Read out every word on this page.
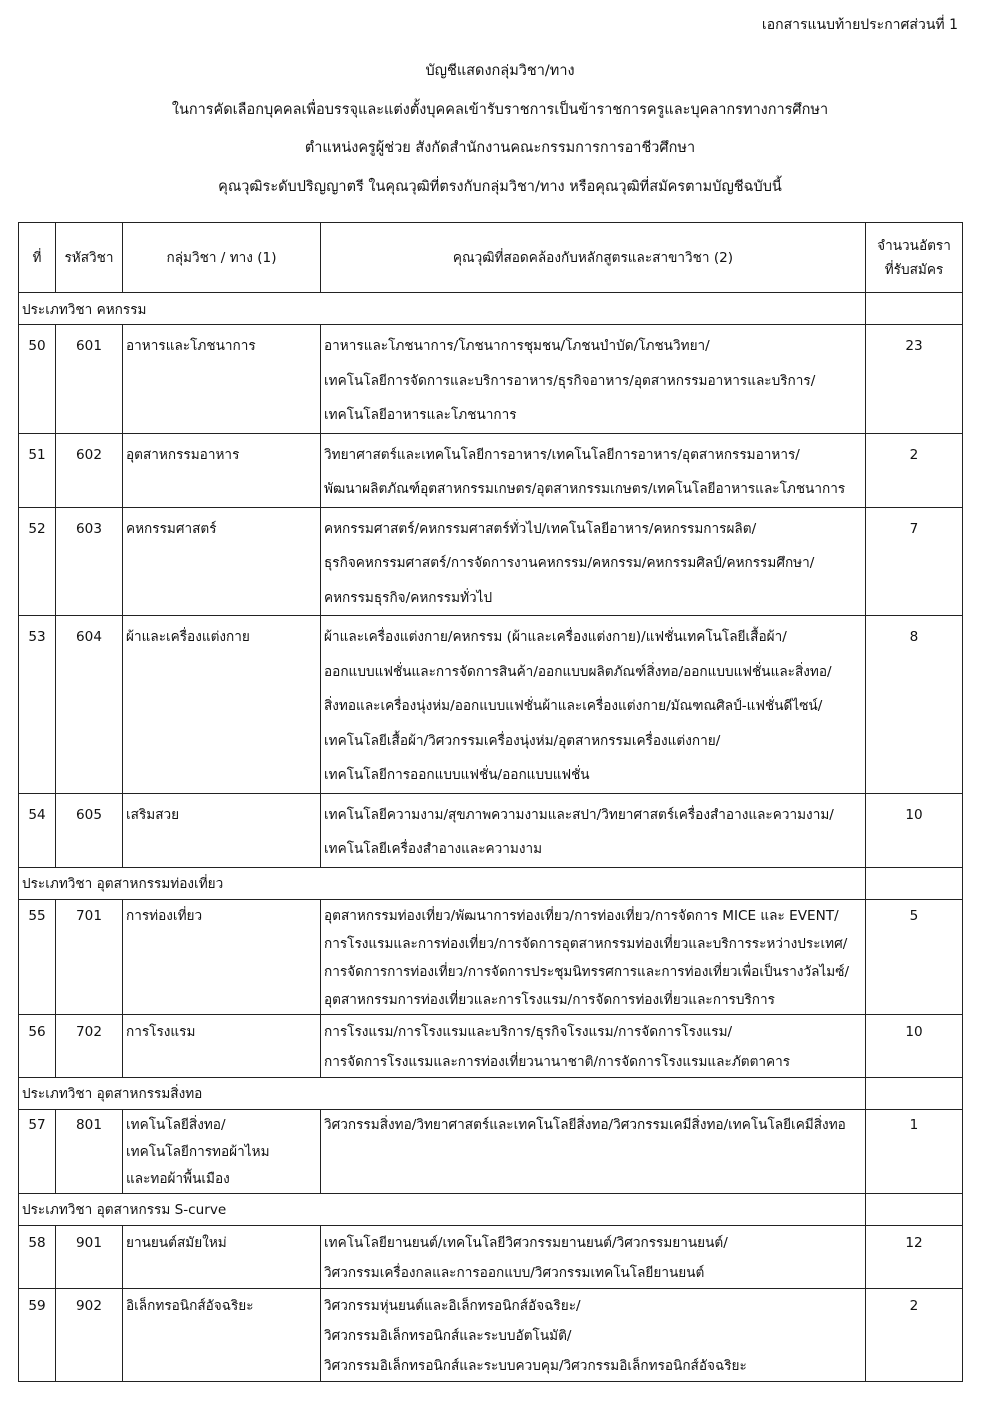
เอกสารแนบท้ายประกาศส่วนที่ 1
บัญชีแสดงกลุ่มวิชา/ทาง
ในการคัดเลือกบุคคลเพื่อบรรจุและแต่งตั้งบุคคลเข้ารับราชการเป็นข้าราชการครูและบุคลากรทางการศึกษา
ตำแหน่งครูผู้ช่วย สังกัดสำนักงานคณะกรรมการการอาชีวศึกษา
คุณวุฒิระดับปริญญาตรี ในคุณวุฒิที่ตรงกับกลุ่มวิชา/ทาง หรือคุณวุฒิที่สมัครตามบัญชีฉบับนี้
ที่	รหัสวิชา	กลุ่มวิชา / ทาง (1)	คุณวุฒิที่สอดคล้องกับหลักสูตรและสาขาวิชา (2)	จำนวนอัตรา
ที่รับสมัคร

ประเภทวิชา คหกรรม				
50	601	อาหารและโภชนาการ	อาหารและโภชนาการ/โภชนาการชุมชน/โภชนบำบัด/โภชนวิทยา/
เทคโนโลยีการจัดการและบริการอาหาร/ธุรกิจอาหาร/อุตสาหกรรมอาหารและบริการ/
เทคโนโลยีอาหารและโภชนาการ	23
51	602	อุตสาหกรรมอาหาร	วิทยาศาสตร์และเทคโนโลยีการอาหาร/เทคโนโลยีการอาหาร/อุตสาหกรรมอาหาร/
พัฒนาผลิตภัณฑ์อุตสาหกรรมเกษตร/อุตสาหกรรมเกษตร/เทคโนโลยีอาหารและโภชนาการ	2
52	603	คหกรรมศาสตร์	คหกรรมศาสตร์/คหกรรมศาสตร์ทั่วไป/เทคโนโลยีอาหาร/คหกรรมการผลิต/
ธุรกิจคหกรรมศาสตร์/การจัดการงานคหกรรม/คหกรรม/คหกรรมศิลป์/คหกรรมศึกษา/
คหกรรมธุรกิจ/คหกรรมทั่วไป	7
53	604	ผ้าและเครื่องแต่งกาย	ผ้าและเครื่องแต่งกาย/คหกรรม (ผ้าและเครื่องแต่งกาย)/แฟชั่นเทคโนโลยีเสื้อผ้า/
ออกแบบแฟชั่นและการจัดการสินค้า/ออกแบบผลิตภัณฑ์สิ่งทอ/ออกแบบแฟชั่นและสิ่งทอ/
สิ่งทอและเครื่องนุ่งห่ม/ออกแบบแฟชั่นผ้าและเครื่องแต่งกาย/มัณฑณศิลป์-แฟชั่นดีไซน์/
เทคโนโลยีเสื้อผ้า/วิศวกรรมเครื่องนุ่งห่ม/อุตสาหกรรมเครื่องแต่งกาย/
เทคโนโลยีการออกแบบแฟชั่น/ออกแบบแฟชั่น	8
54	605	เสริมสวย	เทคโนโลยีความงาม/สุขภาพความงามและสปา/วิทยาศาสตร์เครื่องสำอางและความงาม/
เทคโนโลยีเครื่องสำอางและความงาม	10
ประเภทวิชา อุตสาหกรรมท่องเที่ยว				
55	701	การท่องเที่ยว	อุตสาหกรรมท่องเที่ยว/พัฒนาการท่องเที่ยว/การท่องเที่ยว/การจัดการ MICE และ EVENT/
การโรงแรมและการท่องเที่ยว/การจัดการอุตสาหกรรมท่องเที่ยวและบริการระหว่างประเทศ/
การจัดการการท่องเที่ยว/การจัดการประชุมนิทรรศการและการท่องเที่ยวเพื่อเป็นรางวัลไมซ์/
อุตสาหกรรมการท่องเที่ยวและการโรงแรม/การจัดการท่องเที่ยวและการบริการ	5
56	702	การโรงแรม	การโรงแรม/การโรงแรมและบริการ/ธุรกิจโรงแรม/การจัดการโรงแรม/
การจัดการโรงแรมและการท่องเที่ยวนานาชาติ/การจัดการโรงแรมและภัตตาคาร	10
ประเภทวิชา อุตสาหกรรมสิ่งทอ				
57	801	เทคโนโลยีสิ่งทอ/
เทคโนโลยีการทอผ้าไหม
และทอผ้าพื้นเมือง	วิศวกรรมสิ่งทอ/วิทยาศาสตร์และเทคโนโลยีสิ่งทอ/วิศวกรรมเคมีสิ่งทอ/เทคโนโลยีเคมีสิ่งทอ	1
ประเภทวิชา อุตสาหกรรม S-curve				
58	901	ยานยนต์สมัยใหม่	เทคโนโลยียานยนต์/เทคโนโลยีวิศวกรรมยานยนต์/วิศวกรรมยานยนต์/
วิศวกรรมเครื่องกลและการออกแบบ/วิศวกรรมเทคโนโลยียานยนต์	12
59	902	อิเล็กทรอนิกส์อัจฉริยะ	วิศวกรรมหุ่นยนต์และอิเล็กทรอนิกส์อัจฉริยะ/
วิศวกรรมอิเล็กทรอนิกส์และระบบอัตโนมัติ/
วิศวกรรมอิเล็กทรอนิกส์และระบบควบคุม/วิศวกรรมอิเล็กทรอนิกส์อัจฉริยะ	2
